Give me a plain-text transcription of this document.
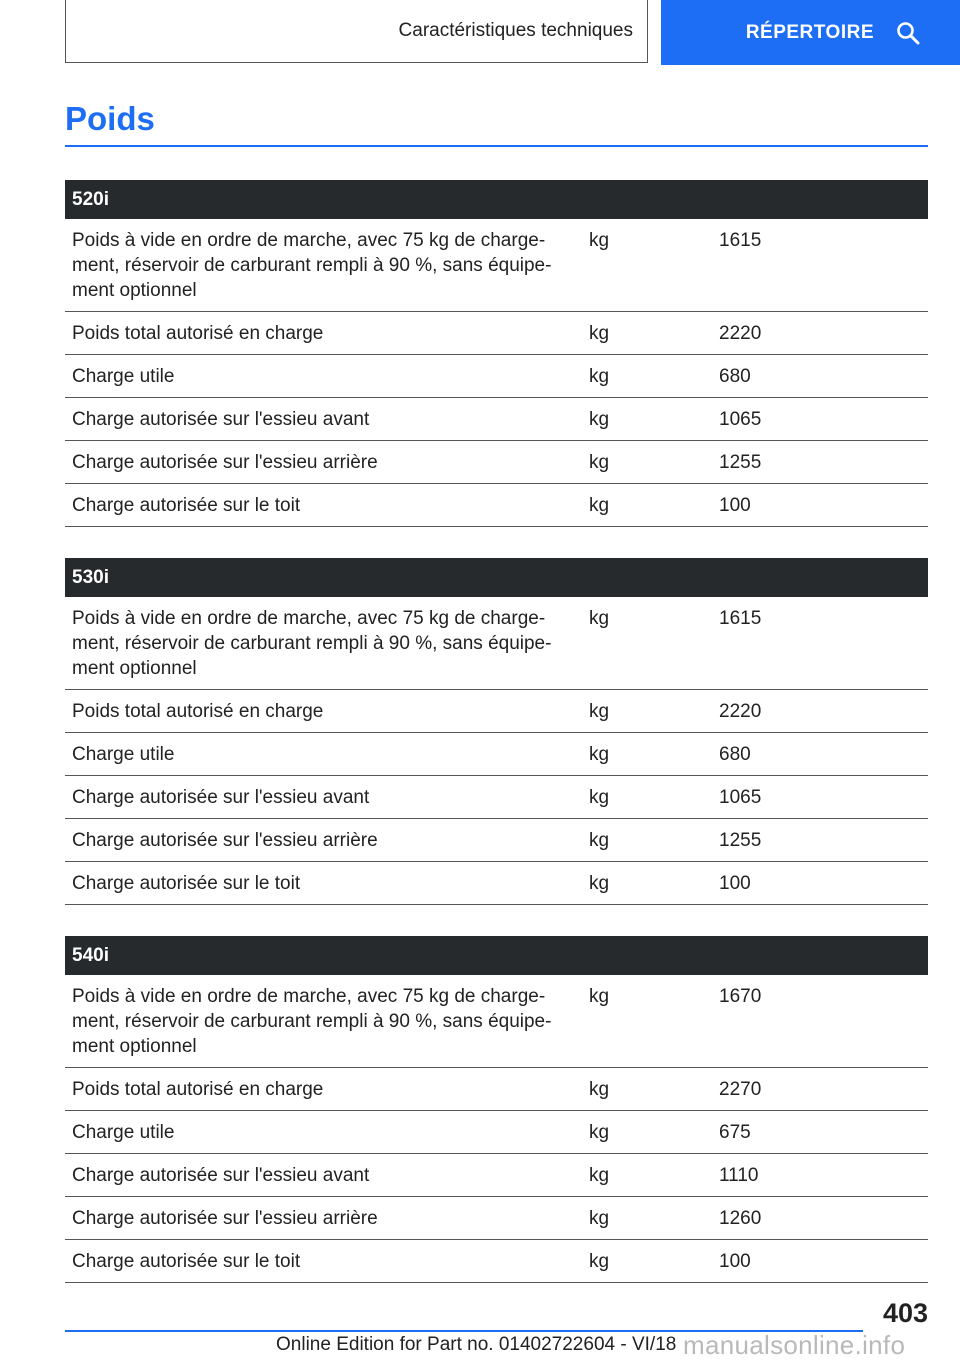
Caractéristiques techniques	RÉPERTOIRE
Poids
520i		
Poids à vide en ordre de marche, avec 75 kg de charge-
ment, réservoir de carburant rempli à 90 %, sans équipe-
ment optionnel	kg	1615
Poids total autorisé en charge	kg	2220
Charge utile	kg	680
Charge autorisée sur l'essieu avant	kg	1065
Charge autorisée sur l'essieu arrière	kg	1255
Charge autorisée sur le toit	kg	100
530i		
Poids à vide en ordre de marche, avec 75 kg de charge-
ment, réservoir de carburant rempli à 90 %, sans équipe-
ment optionnel	kg	1615
Poids total autorisé en charge	kg	2220
Charge utile	kg	680
Charge autorisée sur l'essieu avant	kg	1065
Charge autorisée sur l'essieu arrière	kg	1255
Charge autorisée sur le toit	kg	100
540i		
Poids à vide en ordre de marche, avec 75 kg de charge-
ment, réservoir de carburant rempli à 90 %, sans équipe-
ment optionnel	kg	1670
Poids total autorisé en charge	kg	2270
Charge utile	kg	675
Charge autorisée sur l'essieu avant	kg	1110
Charge autorisée sur l'essieu arrière	kg	1260
Charge autorisée sur le toit	kg	100
403
Online Edition for Part no. 01402722604 - VI/18 manualsonline.info
